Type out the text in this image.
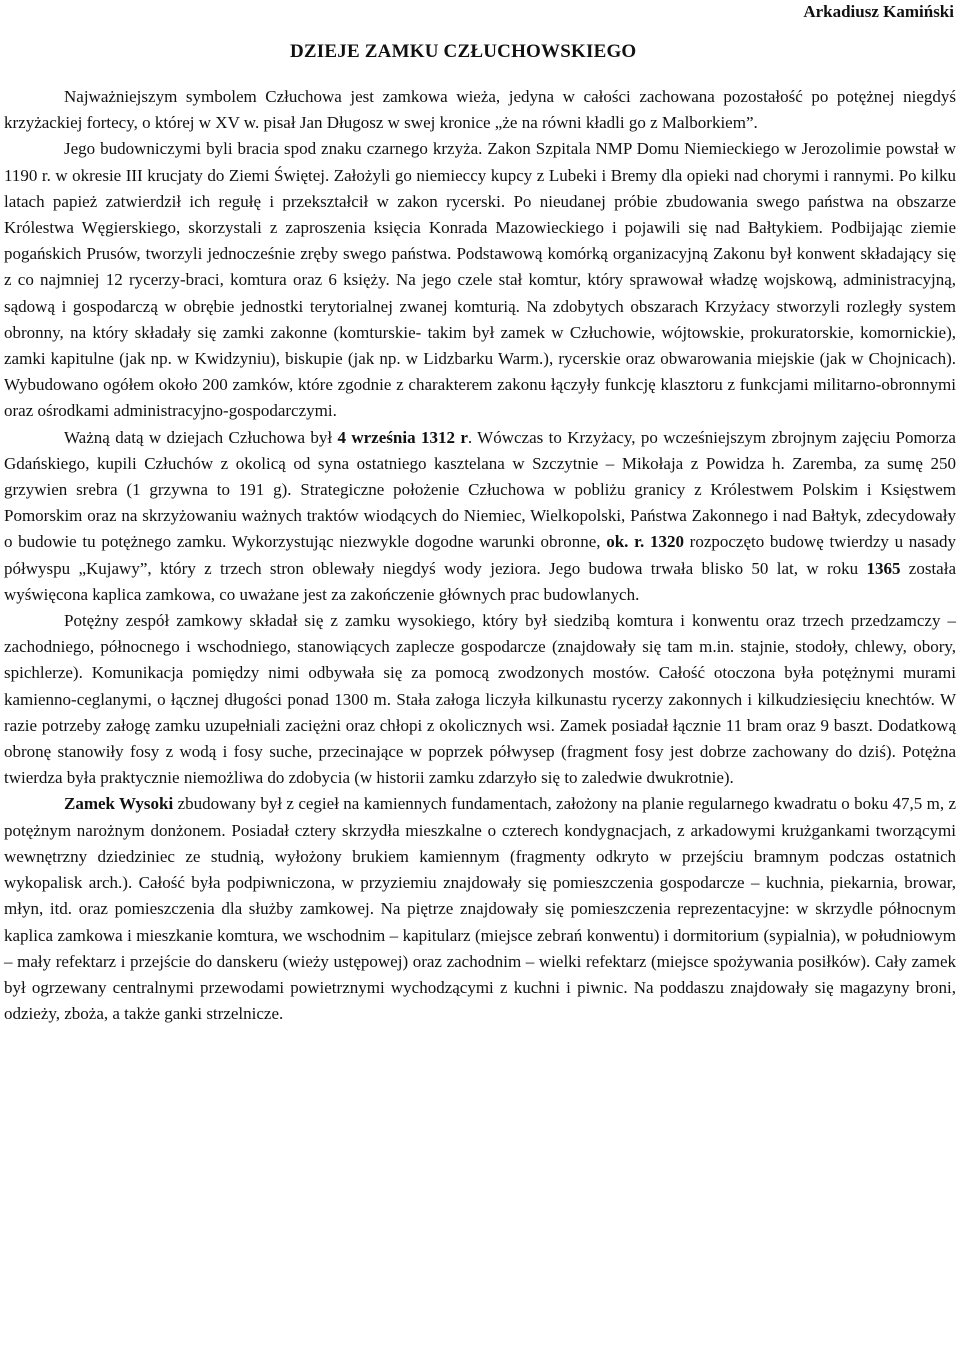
Arkadiusz Kamiński
DZIEJE ZAMKU CZŁUCHOWSKIEGO

Najważniejszym symbolem Człuchowa jest zamkowa wieża, jedyna w całości zachowana pozostałość po potężnej niegdyś krzyżackiej fortecy, o której w XV w. pisał Jan Długosz w swej kronice „że na równi kładli go z Malborkiem”.

Jego budowniczymi byli bracia spod znaku czarnego krzyża. Zakon Szpitala NMP Domu Niemieckiego w Jerozolimie powstał w 1190 r. w okresie III krucjaty do Ziemi Świętej. Założyli go niemieccy kupcy z Lubeki i Bremy dla opieki nad chorymi i rannymi. Po kilku latach papież zatwierdził ich regułę i przekształcił w zakon rycerski. Po nieudanej próbie zbudowania swego państwa na obszarze Królestwa Węgierskiego, skorzystali z zaproszenia księcia Konrada Mazowieckiego i pojawili się nad Bałtykiem. Podbijając ziemie pogańskich Prusów, tworzyli jednocześnie zręby swego państwa. Podstawową komórką organizacyjną Zakonu był konwent składający się z co najmniej 12 rycerzy-braci, komtura oraz 6 księży. Na jego czele stał komtur, który sprawował władzę wojskową, administracyjną, sądową i gospodarczą w obrębie jednostki terytorialnej zwanej komturią. Na zdobytych obszarach Krzyżacy stworzyli rozległy system obronny, na który składały się zamki zakonne (komturskie- takim był zamek w Człuchowie, wójtowskie, prokuratorskie, komornickie), zamki kapitulne (jak np. w Kwidzyniu), biskupie (jak np. w Lidzbarku Warm.), rycerskie oraz obwarowania miejskie (jak w Chojnicach). Wybudowano ogółem około 200 zamków, które zgodnie z charakterem zakonu łączyły funkcję klasztoru z funkcjami militarno-obronnymi oraz ośrodkami administracyjno-gospodarczymi.

Ważną datą w dziejach Człuchowa był 4 września 1312 r. Wówczas to Krzyżacy, po wcześniejszym zbrojnym zajęciu Pomorza Gdańskiego, kupili Człuchów z okolicą od syna ostatniego kasztelana w Szczytnie – Mikołaja z Powidza h. Zaremba, za sumę 250 grzywien srebra (1 grzywna to 191 g). Strategiczne położenie Człuchowa w pobliżu granicy z Królestwem Polskim i Księstwem Pomorskim oraz na skrzyżowaniu ważnych traktów wiodących do Niemiec, Wielkopolski, Państwa Zakonnego i nad Bałtyk, zdecydowały o budowie tu potężnego zamku. Wykorzystując niezwykle dogodne warunki obronne, ok. r. 1320 rozpoczęto budowę twierdzy u nasady półwyspu „Kujawy”, który z trzech stron oblewały niegdyś wody jeziora. Jego budowa trwała blisko 50 lat, w roku 1365 została wyświęcona kaplica zamkowa, co uważane jest za zakończenie głównych prac budowlanych.

Potężny zespół zamkowy składał się z zamku wysokiego, który był siedzibą komtura i konwentu oraz trzech przedzamczy – zachodniego, północnego i wschodniego, stanowiących zaplecze gospodarcze (znajdowały się tam m.in. stajnie, stodoły, chlewy, obory, spichlerze). Komunikacja pomiędzy nimi odbywała się za pomocą zwodzonych mostów. Całość otoczona była potężnymi murami kamienno-ceglanymi, o łącznej długości ponad 1300 m. Stała załoga liczyła kilkunastu rycerzy zakonnych i kilkudziesięciu knechtów. W razie potrzeby załogę zamku uzupełniali zaciężni oraz chłopi z okolicznych wsi. Zamek posiadał łącznie 11 bram oraz 9 baszt. Dodatkową obronę stanowiły fosy z wodą i fosy suche, przecinające w poprzek półwysep (fragment fosy jest dobrze zachowany do dziś). Potężna twierdza była praktycznie niemożliwa do zdobycia (w historii zamku zdarzyło się to zaledwie dwukrotnie).

Zamek Wysoki zbudowany był z cegieł na kamiennych fundamentach, założony na planie regularnego kwadratu o boku 47,5 m, z potężnym narożnym donżonem. Posiadał cztery skrzydła mieszkalne o czterech kondygnacjach, z arkadowymi krużgankami tworzącymi wewnętrzny dziedziniec ze studnią, wyłożony brukiem kamiennym (fragmenty odkryto w przejściu bramnym podczas ostatnich wykopalisk arch.). Całość była podpiwniczona, w przyziemiu znajdowały się pomieszczenia gospodarcze – kuchnia, piekarnia, browar, młyn, itd. oraz pomieszczenia dla służby zamkowej. Na piętrze znajdowały się pomieszczenia reprezentacyjne: w skrzydle północnym kaplica zamkowa i mieszkanie komtura, we wschodnim – kapitularz (miejsce zebrań konwentu) i dormitorium (sypialnia), w południowym – mały refektarz i przejście do danskeru (wieży ustępowej) oraz zachodnim – wielki refektarz (miejsce spożywania posiłków). Cały zamek był ogrzewany centralnymi przewodami powietrznymi wychodzącymi z kuchni i piwnic. Na poddaszu znajdowały się magazyny broni, odzieży, zboża, a także ganki strzelnicze.
